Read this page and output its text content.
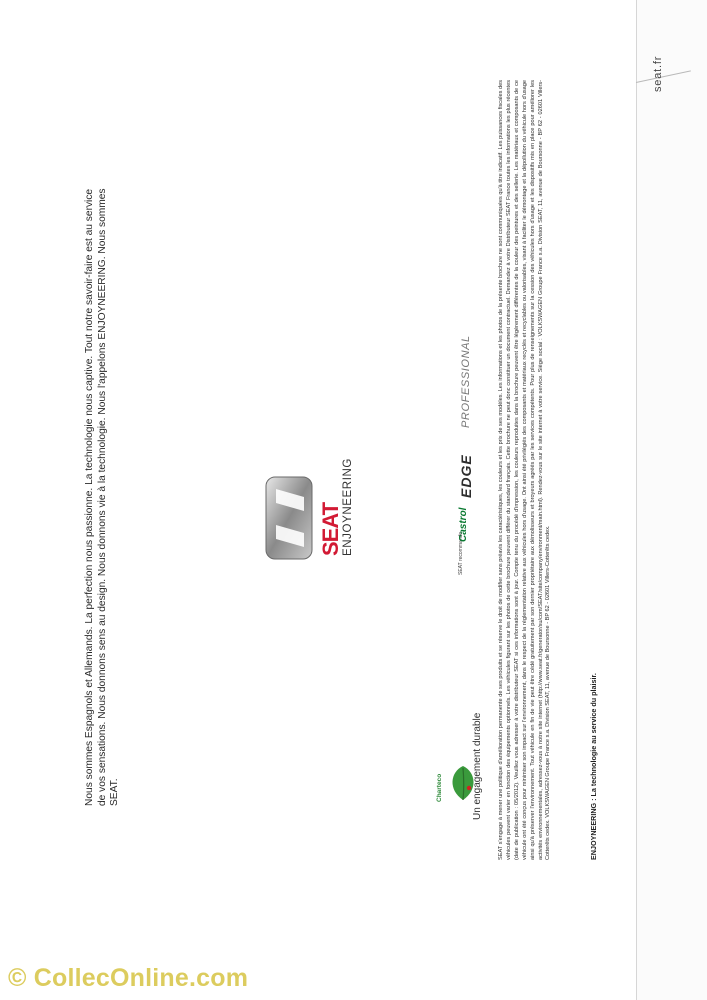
seat.fr
Nous sommes Espagnols et Allemands. La perfection nous passionne. La technologie nous captive. Tout notre savoir-faire est au service de vos sensations. Nous donnons sens au design. Nous donnons vie à la technologie. Nous l'appelons ENJOYNEERING. Nous sommes SEAT.
SEAT ENJOYNEERING	SEAT recommande
Castrol
EDGE
PROFESSIONAL
Charteco	Un engagement durable	SEAT s'engage à mener une politique d'amélioration permanente de ses produits et se réserve le droit de modifier sans préavis les caractéristiques, les couleurs et les prix de ses modèles. Les informations et les photos de la présente brochure ne sont communiquées qu'à titre indicatif. Les puissances fiscales des véhicules peuvent varier en fonction des équipements optionnels. Les véhicules figurant sur les photos de cette brochure peuvent différer du standard français. Cette brochure ne peut donc constituer un document contractuel. Demandez à votre Distributeur SEAT France toutes les informations les plus récentes (date de publication : 05/2012). Veuillez vous adresser à votre distributeur SEAT si ces informations sont à jour. Compte tenu du procédé d'impression, les couleurs reproduites dans la brochure peuvent être légèrement différentes de la couleur des peintures et des sellerie. Les matériaux et composants de ce véhicule ont été conçus pour minimiser son impact sur l'environnement, dans le respect de la réglementation relative aux véhicules hors d'usage. Ont ainsi été privilégiés des composants et matériaux recyclés et recyclables ou valorisables, visant à faciliter le démontage et la dépollution du véhicule hors d'usage ainsi qu'à préserver l'environnement. Tout véhicule en fin de vie peut être cédé gratuitement par son dernier propriétaire aux démolisseurs et broyeurs agréés par les services compétents. Pour plus de renseignements sur la cession des véhicules hors d'usage et les dispositifs mis en place pour améliorer les activités environnementales, adressez-vous à notre site internet (http://www.seat.fr/generator/su/com/SEAT/site/company/environment/main.html). Rendez-vous sur le site internet à votre service. Siège social : VOLKSWAGEN Groupe France s.a. Division SEAT, 11, avenue de Boursonne - BP 62 - 02601 Villers-Cotterêts cedex. VOLKSWAGEN Groupe France s.a. Division SEAT, 11, avenue de Boursonne - BP 62 - 02601 Villers-Cotterêts cedex.	ENJOYNEERING : La technologie au service du plaisir.
© CollecOnline.com
